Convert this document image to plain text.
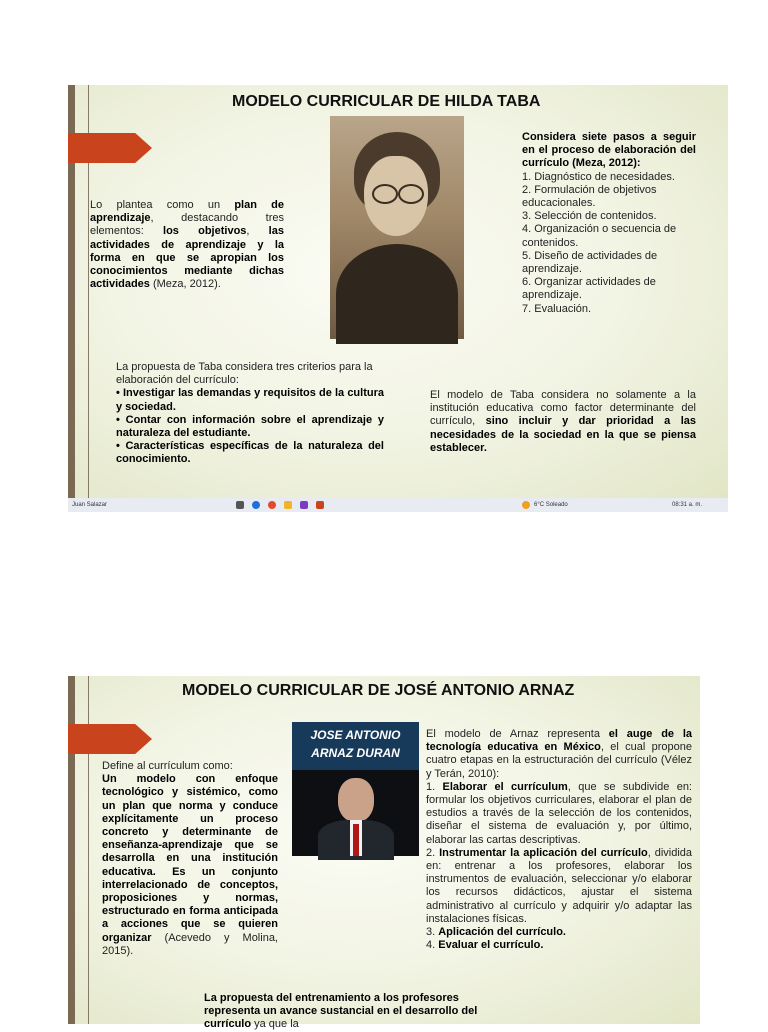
MODELO CURRICULAR DE HILDA TABA
Lo plantea como un plan de aprendizaje, destacando tres elementos: los objetivos, las actividades de aprendizaje y la forma en que se apropian los conocimientos mediante dichas actividades (Meza, 2012).
Considera siete pasos a seguir en el proceso de elaboración del currículo (Meza, 2012):
1. Diagnóstico de necesidades.
2. Formulación de objetivos educacionales.
3. Selección de contenidos.
4. Organización o secuencia de contenidos.
5. Diseño de actividades de aprendizaje.
6. Organizar actividades de aprendizaje.
7. Evaluación.
La propuesta de Taba considera tres criterios para la elaboración del currículo:
• Investigar las demandas y requisitos de la cultura y sociedad.
• Contar con información sobre el aprendizaje y naturaleza del estudiante.
• Características específicas de la naturaleza del conocimiento.
El modelo de Taba considera no solamente a la institución educativa como factor determinante del currículo, sino incluir y dar prioridad a las necesidades de la sociedad en la que se piensa establecer.
Juan Salazar	6°C Soleado	08:31 a. m.
MODELO CURRICULAR DE JOSÉ ANTONIO ARNAZ
JOSE ANTONIO
ARNAZ DURAN
Define al currículum como:
Un modelo con enfoque tecnológico y sistémico, como un plan que norma y conduce explícitamente un proceso concreto y determinante de enseñanza-aprendizaje que se desarrolla en una institución educativa. Es un conjunto interrelacionado de conceptos, proposiciones y normas, estructurado en forma anticipada a acciones que se quieren organizar (Acevedo y Molina, 2015).
El modelo de Arnaz representa el auge de la tecnología educativa en México, el cual propone cuatro etapas en la estructuración del currículo (Vélez y Terán, 2010):
1. Elaborar el currículum, que se subdivide en: formular los objetivos curriculares, elaborar el plan de estudios a través de la selección de los contenidos, diseñar el sistema de evaluación y, por último, elaborar las cartas descriptivas.
2. Instrumentar la aplicación del currículo, dividida en: entrenar a los profesores, elaborar los instrumentos de evaluación, seleccionar y/o elaborar los recursos didácticos, ajustar el sistema administrativo al currículo y adquirir y/o adaptar las instalaciones físicas.
3. Aplicación del currículo.
4. Evaluar el currículo.
La propuesta del entrenamiento a los profesores representa un avance sustancial en el desarrollo del currículo ya que la
